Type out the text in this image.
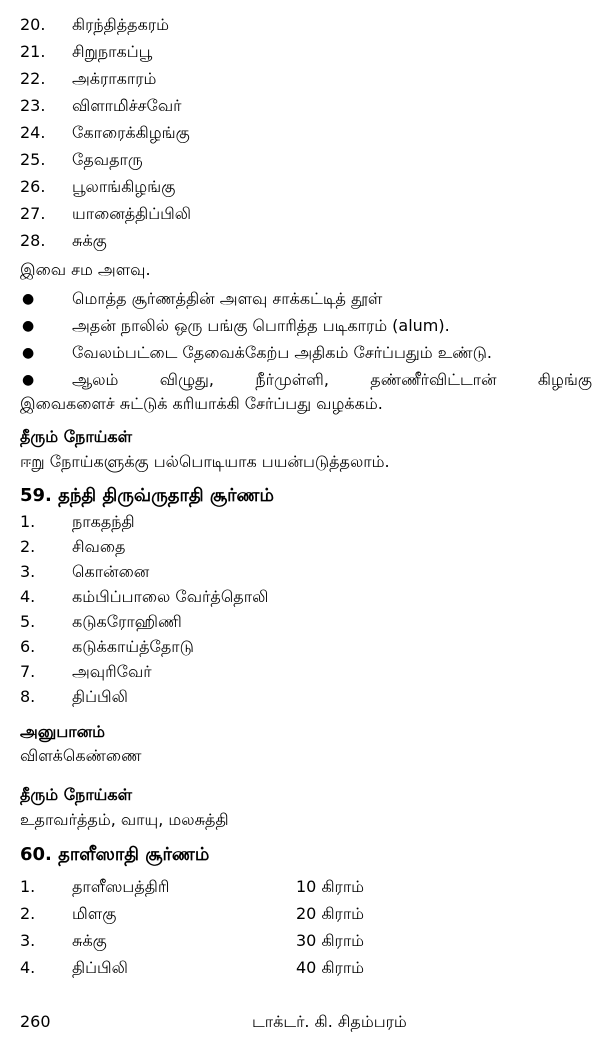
20. கிரந்தித்தகரம்
21. சிறுநாகப்பூ
22. அக்ராகாரம்
23. விளாமிச்சவேர்
24. கோரைக்கிழங்கு
25. தேவதாரு
26. பூலாங்கிழங்கு
27. யானைத்திப்பிலி
28. சுக்கு
இவை சம அளவு.
● மொத்த சூர்ணத்தின் அளவு சாக்கட்டித் தூள்
● அதன் நாலில் ஒரு பங்கு பொரித்த படிகாரம் (alum).
● வேலம்பட்டை தேவைக்கேற்ப அதிகம் சேர்ப்பதும் உண்டு.
● ஆலம்	விழுது,	நீர்முள்ளி,	தண்ணீர்விட்டான்	கிழங்கு
இவைகளைச் சுட்டுக் கரியாக்கி சேர்ப்பது வழக்கம்.
தீரும் நோய்கள்
ஈறு நோய்களுக்கு பல்பொடியாக பயன்படுத்தலாம்.
59. தந்தி திருவ்ருதாதி சூர்ணம்
1. நாகதந்தி
2. சிவதை
3. கொன்னை
4. கம்பிப்பாலை வேர்த்தொலி
5. கடுகரோஹிணி
6. கடுக்காய்த்தோடு
7. அவுரிவேர்
8. திப்பிலி
அனுபானம்
விளக்கெண்ணை
தீரும் நோய்கள்
உதாவர்த்தம், வாயு, மலசுத்தி
60. தாளீஸாதி சூர்ணம்
1. தாளீஸபத்திரி	10 கிராம்
2. மிளகு	20 கிராம்
3. சுக்கு	30 கிராம்
4. திப்பிலி	40 கிராம்
260	டாக்டர். கி. சிதம்பரம்
